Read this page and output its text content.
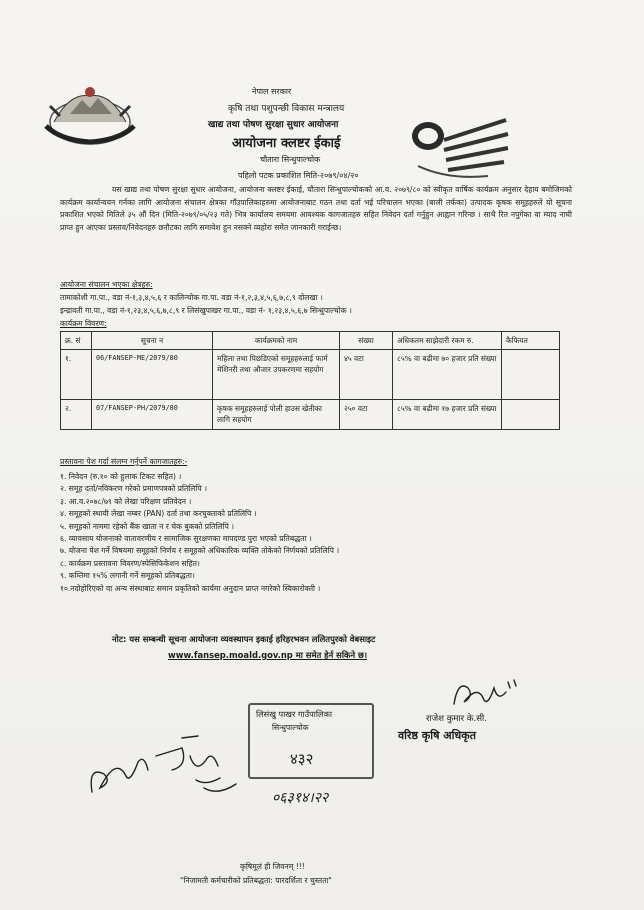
नेपाल सरकार
कृषि तथा पशुपन्छी विकास मन्त्रालय
खाद्य तथा पोषण सुरक्षा सुधार आयोजना
आयोजना क्लष्टर ईकाई
चौतारा सिन्धुपाल्चोक
पहिलो पटक प्रकाशित मिति-२०७९/०४/२०
यस खाद्य तथा पोषण सुरक्षा सुधार आयोजना, आयोजना क्लष्टर ईकाई, चौतारा सिन्धुपाल्चोकको आ.व. २०७९/८० को स्वीकृत वार्षिक कार्यक्रम अनुसार देहाय बमोजिमको कार्यक्रम कार्यान्वयन गर्नका लागि आयोजना संचालन क्षेत्रका गाँउपालिकाहरुमा आयोजनाबाट गठन तथा दर्ता भई परिचालन भएका (बाली तर्फका) उत्पादक कृषक समूहहरुले यो सूचना प्रकाशित भएको मितिले ३५ औं दिन (मिति-२०७९/०५/२३ गते) भित्र कार्यालय समयमा आवश्यक कागजातहरु सहित निवेदन दर्ता गर्नुहुन आह्वान गरिन्छ । साथै रित नपुगेका वा म्याद नाघी प्राप्त हुन आएका प्रस्ताव/निवेदनहरु छनौटका लागि समावेश हुन नसक्ने व्यहोरा समेत जानकारी गराईन्छ।
आयोजना संचालन भएका क्षेत्रहरु:
तामाकोशी गा.पा., वडा नं-१,३,४,५,६ र कालिन्चोक गा.पा. वडा नं-१,२,३,४,५,६,७,८,९ दोलखा ।
इन्द्रावती गा.पा., वडा नं-१,२३,४,५,६,७,८,९ र लिसंखुपाखर गा.पा., वडा नं- १,२३,४,५,६,७ सिन्धुपाल्चोक ।
कार्यक्रम विवरण:
क्र. सं	सूचना न	कार्यक्रमको नाम	संख्या	अधिकतम साझेदारी रकम रु.	कैफियत
१.	06/FANSEP-ME/2079/80	महिला तथा पिछडिएको समूहहरुलाई फार्म मेशिनरी तथा औजार उपकरणमा सहयोग	४५ वटा	८५% वा बढीमा ७० हजार प्रति संख्या	
२.	07/FANSEP-PH/2079/80	कृषक समूहहरुलाई पोली हाउस खेतीका लागि सहयोग	२५० वटा	८५% वा बढीमा १७ हजार प्रति संख्या	
प्रस्तावना पेश गर्दा संलग्न गर्नुपर्ने कागजातहरु:-
१. निवेदन (रु.१० को हुलाक टिकट सहित) ।
२. समूह दर्ता/नविकरण गरेको प्रमाणपत्रको प्रतिलिपि ।
३. आ.व.२०७८/७९ को लेखा परिक्षण प्रतिवेदन ।
४. समूहको स्थायी लेखा नम्बर (PAN) दर्ता तथा करचुक्ताको प्रतिलिपि ।
५. समूहको नाममा रहेको बैंक खाता न र चेक बुकको प्रतिलिपि ।
६. व्यावसाय योजनाको वातावरणीय र सामाजिक सुरक्षणका मापदण्ड पुरा भएको प्रतिबद्धता ।
७. योजना पेश गर्ने विषयमा समूहको निर्णय र समूहको अधिकारिक व्यक्ति तोकेको निर्णयको प्रतिलिपि ।
८. कार्यक्रम प्रस्तावना विवरण/स्पेसिफिकेशन सहित।
९. कम्तिमा १५% लगानी गर्ने समूहको प्रतिबद्धता।
१०.नदोहोरिएको वा अन्य संस्थाबाट समान प्रकृतिको कार्यमा अनुदान प्राप्त नगरेको स्विकारोक्ती ।
नोट: यस सम्बन्धी सूचना आयोजना व्यवस्थापन इकाई हरिहरभवन ललितपुरको वेबसाइट
www.fansep.moald.gov.np मा समेत हेर्न सकिने छ।
राजेश कुमार के.सी.
वरिष्ठ कृषि अधिकृत
लिसंखु पाखर गाउँपालिका
सिन्धुपाल्चोक
४३२
०६३१४।२२
कृषिमूलं ही जिवनम् !!!
"निजामती कर्मचारीको प्रतिबद्धता: पारदर्शिता र चुस्तता"
